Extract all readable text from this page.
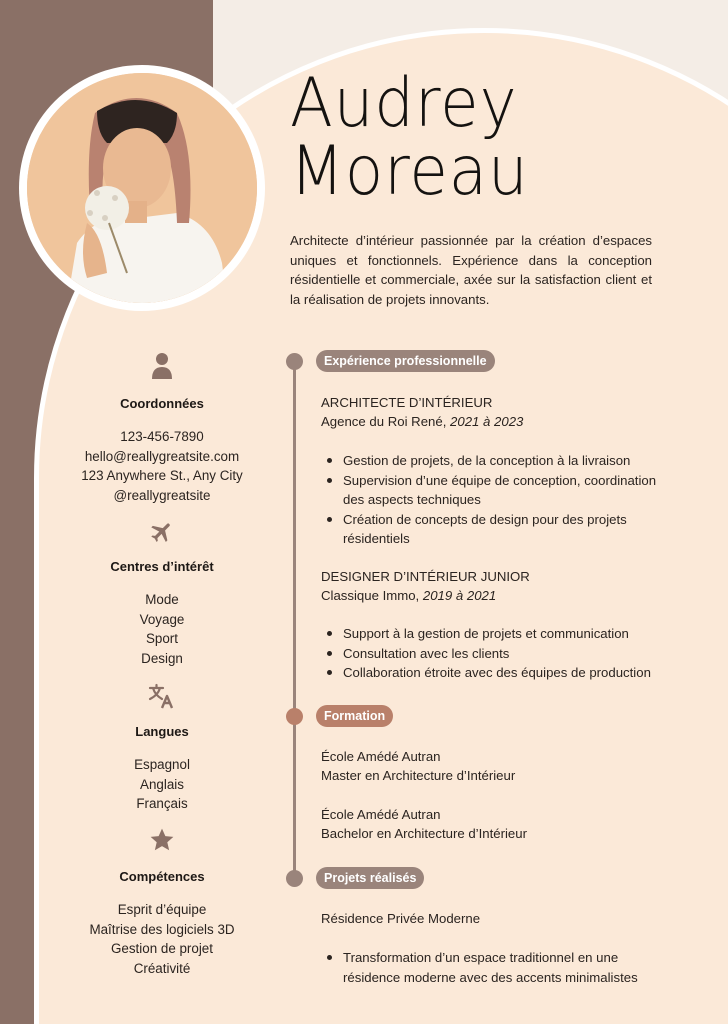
Audrey
Moreau

Architecte d’intérieur passionnée par la création d’espaces uniques et fonctionnels. Expérience dans la conception résidentielle et commerciale, axée sur la satisfaction client et la réalisation de projets innovants.

Coordonnées
123-456-7890
hello@reallygreatsite.com
123 Anywhere St., Any City
@reallygreatsite
Centres d’intérêt
Mode
Voyage
Sport
Design
Langues
Espagnol
Anglais
Français
Compétences
Esprit d’équipe
Maîtrise des logiciels 3D
Gestion de projet
Créativité
Expérience professionnelle
ARCHITECTE D’INTÉRIEUR
Agence du Roi René, 2021 à 2023
Gestion de projets, de la conception à la livraison
Supervision d’une équipe de conception, coordination
des aspects techniques
Création de concepts de design pour des projets
résidentiels
DESIGNER D’INTÉRIEUR JUNIOR
Classique Immo, 2019 à 2021
Support à la gestion de projets et communication
Consultation avec les clients
Collaboration étroite avec des équipes de production
Formation
École Amédé Autran
Master en Architecture d’Intérieur
École Amédé Autran
Bachelor en Architecture d’Intérieur
Projets réalisés
Résidence Privée Moderne
Transformation d’un espace traditionnel en une
résidence moderne avec des accents minimalistes
